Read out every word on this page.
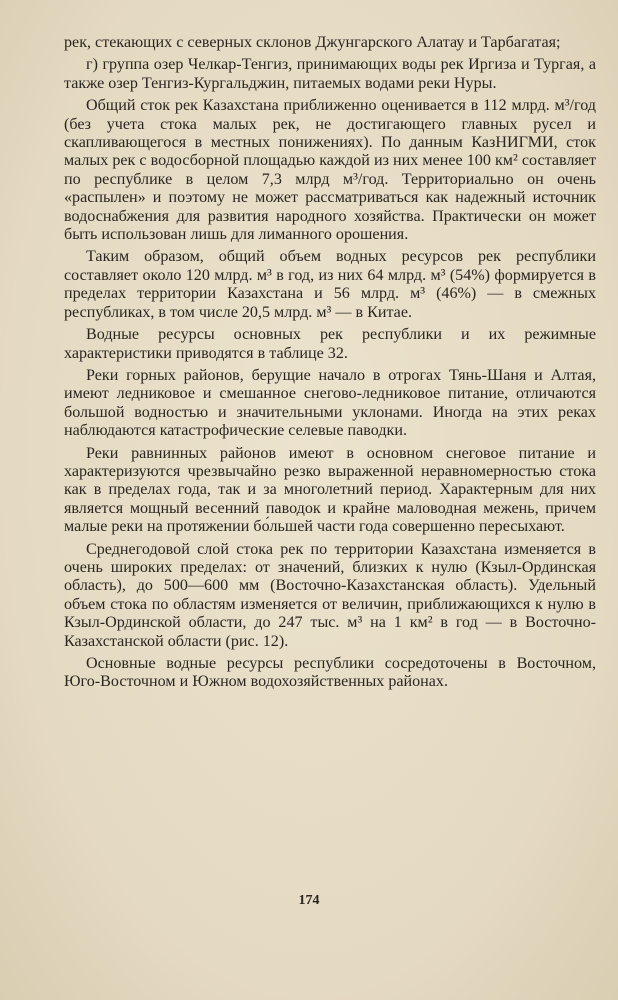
рек, стекающих с северных склонов Джунгарского Алатау и Тарбагатая;

г) группа озер Челкар-Тенгиз, принимающих воды рек Иргиза и Тургая, а также озер Тенгиз-Кургальджин, питаемых водами реки Нуры.

Общий сток рек Казахстана приближенно оценивается в 112 млрд. м³/год (без учета стока малых рек, не достигающего главных русел и скапливающегося в местных понижениях). По данным КазНИГМИ, сток малых рек с водосборной площадью каждой из них менее 100 км² составляет по республике в целом 7,3 млрд м³/год. Территориально он очень «распылен» и поэтому не может рассматриваться как надежный источник водоснабжения для развития народного хозяйства. Практически он может быть использован лишь для лиманного орошения.

Таким образом, общий объем водных ресурсов рек республики составляет около 120 млрд. м³ в год, из них 64 млрд. м³ (54%) формируется в пределах территории Казахстана и 56 млрд. м³ (46%) — в смежных республиках, в том числе 20,5 млрд. м³ — в Китае.

Водные ресурсы основных рек республики и их режимные характеристики приводятся в таблице 32.

Реки горных районов, берущие начало в отрогах Тянь-Шаня и Алтая, имеют ледниковое и смешанное снегово-ледниковое питание, отличаются большой водностью и значительными уклонами. Иногда на этих реках наблюдаются катастрофические селевые паводки.

Реки равнинных районов имеют в основном снеговое питание и характеризуются чрезвычайно резко выраженной неравномерностью стока как в пределах года, так и за многолетний период. Характерным для них является мощный весенний паводок и крайне маловодная межень, причем малые реки на протяжении бо́льшей части года совершенно пересыхают.

Среднегодовой слой стока рек по территории Казахстана изменяется в очень широких пределах: от значений, близких к нулю (Кзыл-Ординская область), до 500—600 мм (Восточно-Казахстанская область). Удельный объем стока по областям изменяется от величин, приближающихся к нулю в Кзыл-Ординской области, до 247 тыс. м³ на 1 км² в год — в Восточно-Казахстанской области (рис. 12).

Основные водные ресурсы республики сосредоточены в Восточном, Юго-Восточном и Южном водохозяйственных районах.

174
